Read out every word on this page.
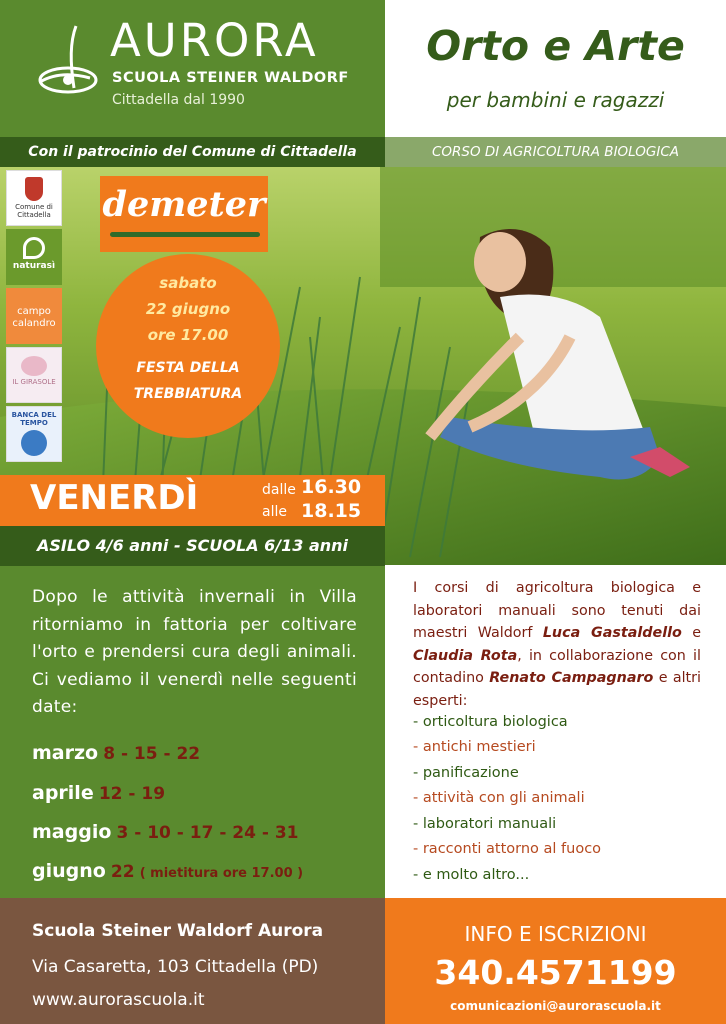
AURORA
SCUOLA STEINER WALDORF
Cittadella dal 1990
Orto e Arte
per bambini e ragazzi
Con il patrocinio del Comune di Cittadella	CORSO DI AGRICOLTURA BIOLOGICA
Comune di Cittadella
naturasì
campo calandro
IL GIRASOLE
BANCA DEL TEMPO
demeter
sabato
22 giugno
ore 17.00
FESTA DELLA
TREBBIATURA
VENERDÌ	dalle 16.30
alle 18.15
ASILO 4/6 anni - SCUOLA 6/13 anni
Dopo le attività invernali in Villa ritorniamo in fattoria per coltivare l'orto e prendersi cura degli animali. Ci vediamo il venerdì nelle seguenti date:
marzo 8 - 15 - 22
aprile 12 - 19
maggio 3 - 10 - 17 - 24 - 31
giugno 22 ( mietitura ore 17.00 )
I corsi di agricoltura biologica e laboratori manuali sono tenuti dai maestri Waldorf Luca Gastaldello e Claudia Rota, in collaborazione con il contadino Renato Campagnaro e altri esperti:
- orticoltura biologica
- antichi mestieri
- panificazione
- attività con gli animali
- laboratori manuali
- racconti attorno al fuoco
- e molto altro...
Scuola Steiner Waldorf Aurora
Via Casaretta, 103 Cittadella (PD)
www.aurorascuola.it
INFO E ISCRIZIONI
340.4571199
comunicazioni@aurorascuola.it
